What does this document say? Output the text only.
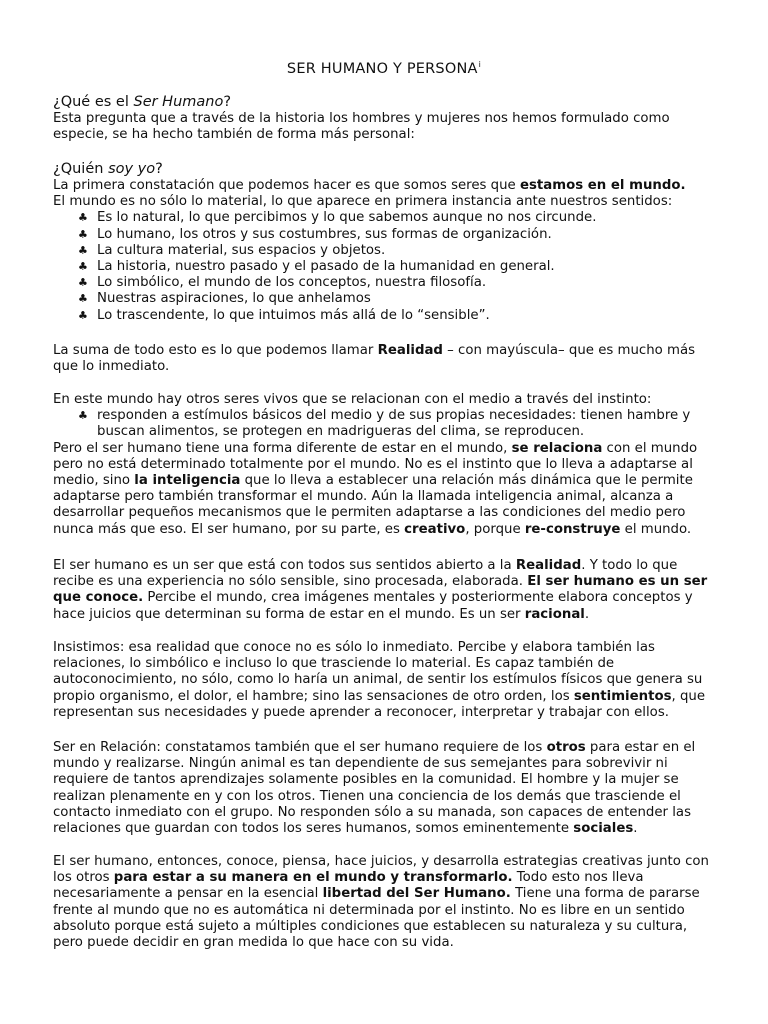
SER HUMANO Y PERSONA$^i$
¿Qué es el Ser Humano?

Esta pregunta que a través de la historia los hombres y mujeres nos hemos formulado como especie, se ha hecho también de forma más personal:

¿Quién soy yo?

La primera constatación que podemos hacer es que somos seres que estamos en el mundo.

El mundo es no sólo lo material, lo que aparece en primera instancia ante nuestros sentidos:

♣ Es lo natural, lo que percibimos y lo que sabemos aunque no nos circunde.
♣ Lo humano, los otros y sus costumbres, sus formas de organización.
♣ La cultura material, sus espacios y objetos.
♣ La historia, nuestro pasado y el pasado de la humanidad en general.
♣ Lo simbólico, el mundo de los conceptos, nuestra filosofía.
♣ Nuestras aspiraciones, lo que anhelamos
♣ Lo trascendente, lo que intuimos más allá de lo “sensible”.

La suma de todo esto es lo que podemos llamar Realidad – con mayúscula– que es mucho más que lo inmediato.

En este mundo hay otros seres vivos que se relacionan con el medio a través del instinto:

♣ responden a estímulos básicos del medio y de sus propias necesidades: tienen hambre y buscan alimentos, se protegen en madrigueras del clima, se reproducen.

Pero el ser humano tiene una forma diferente de estar en el mundo, se relaciona con el mundo pero no está determinado totalmente por el mundo. No es el instinto que lo lleva a adaptarse al medio, sino la inteligencia que lo lleva a establecer una relación más dinámica que le permite adaptarse pero también transformar el mundo. Aún la llamada inteligencia animal, alcanza a desarrollar pequeños mecanismos que le permiten adaptarse a las condiciones del medio pero nunca más que eso. El ser humano, por su parte, es creativo, porque re-construye el mundo.

El ser humano es un ser que está con todos sus sentidos abierto a la Realidad. Y todo lo que recibe es una experiencia no sólo sensible, sino procesada, elaborada. El ser humano es un ser que conoce. Percibe el mundo, crea imágenes mentales y posteriormente elabora conceptos y hace juicios que determinan su forma de estar en el mundo. Es un ser racional.

Insistimos: esa realidad que conoce no es sólo lo inmediato. Percibe y elabora también las relaciones, lo simbólico e incluso lo que trasciende lo material. Es capaz también de autoconocimiento, no sólo, como lo haría un animal, de sentir los estímulos físicos que genera su propio organismo, el dolor, el hambre; sino las sensaciones de otro orden, los sentimientos, que representan sus necesidades y puede aprender a reconocer, interpretar y trabajar con ellos.

Ser en Relación: constatamos también que el ser humano requiere de los otros para estar en el mundo y realizarse. Ningún animal es tan dependiente de sus semejantes para sobrevivir ni requiere de tantos aprendizajes solamente posibles en la comunidad. El hombre y la mujer se realizan plenamente en y con los otros. Tienen una conciencia de los demás que trasciende el contacto inmediato con el grupo. No responden sólo a su manada, son capaces de entender las relaciones que guardan con todos los seres humanos, somos eminentemente sociales.

El ser humano, entonces, conoce, piensa, hace juicios, y desarrolla estrategias creativas junto con los otros para estar a su manera en el mundo y transformarlo. Todo esto nos lleva necesariamente a pensar en la esencial libertad del Ser Humano. Tiene una forma de pararse frente al mundo que no es automática ni determinada por el instinto. No es libre en un sentido absoluto porque está sujeto a múltiples condiciones que establecen su naturaleza y su cultura, pero puede decidir en gran medida lo que hace con su vida.
